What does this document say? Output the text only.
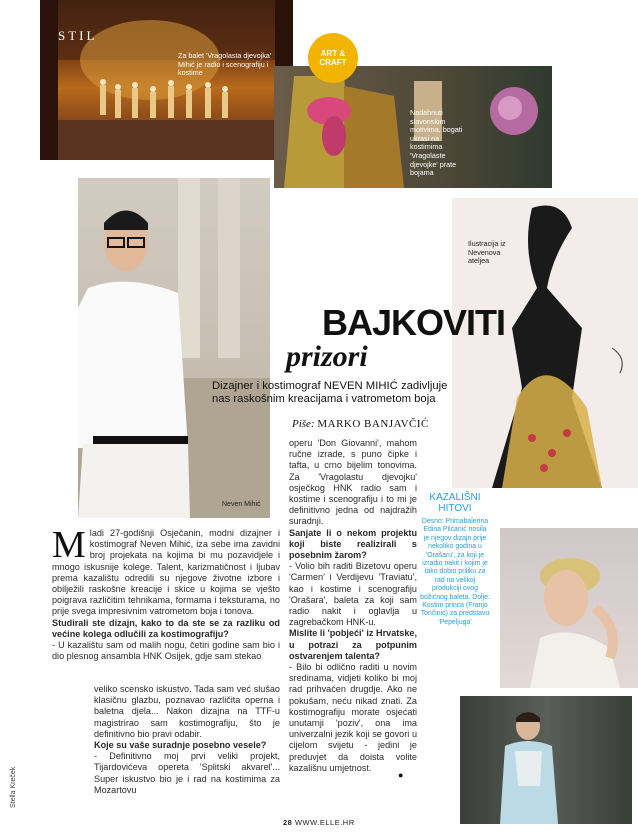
STIL
Za balet 'Vragolasta djevojka' Mihić je radio i scenografiju i kostime
ART & CRAFT
Nadahnuti slavonskim motivima, bogati ukrasi na kostimima 'Vragolaste djevojke' prate bojama
Ilustracija iz Nevenova ateljea
Neven Mihić
BAJKOVITI
prizori
Dizajner i kostimograf NEVEN MIHIĆ zadivljuje nas raskošnim kreacijama i vatrometom boja
Piše: MARKO BANJAVČIĆ

operu 'Don Giovanni', mahom ručne izrade, s puno čipke i tafta, u crno bijelim tonovima. Za 'Vragolastu djevojku' osječkog HNK radio sam i kostime i scenografiju i to mi je definitivno jedna od najdražih suradnji.

Sanjate li o nekom projektu koji biste realizirali s posebnim žarom?

- Volio bih raditi Bizetovu operu 'Carmen' i Verdijevu 'Traviatu', kao i kostime i scenografiju 'Orašara', baleta za koji sam radio nakit i oglavlja u zagrebačkom HNK-u.

Mislite li 'pobjeći' iz Hrvatske, u potrazi za potpunim ostvarenjem talenta?

- Bilo bi odlično raditi u novim sredinama, vidjeti koliko bi moj rad prihvaćen drugdje. Ako ne pokušam, neću nikad znati. Za kostimografiju morate osjećati unutarnji 'poziv', ona ima univerzalni jezik koji se govori u cijelom svijetu - jedini je preduvjet da doista volite kazališnu umjetnost.

●
M ladi 27-godišnji Osječanin, modni dizajner i kostimograf Neven Mihić, iza sebe ima zavidni broj projekata na kojima bi mu pozavidjele i mnogo iskusnije kolege. Talent, karizmatičnost i ljubav prema kazalištu odredili su njegove životne izbore i obilježili raskošne kreacije i skice u kojima se vješto poigrava različitim tehnikama, formama i teksturama, no prije svega impresivnim vatrometom boja i tonova.

Studirali ste dizajn, kako to da ste se za razliku od većine kolega odlučili za kostimografiju?

- U kazalištu sam od malih nogu, četiri godine sam bio i dio plesnog ansambla HNK Osijek, gdje sam stekao

veliko scensko iskustvo. Tada sam već slušao klasičnu glazbu, poznavao različita operna i baletna djela... Nakon dizajna na TTF-u magistrirao sam kostimografiju, što je definitivno bio pravi odabir.

Koje su vaše suradnje posebno vesele?

- Definitivno moj prvi veliki projekt, Tijardovićeva opereta 'Splitski akvarel'... Super iskustvo bio je i rad na kostimima za Mozartovu

KAZALIŠNI HITOVI
Desno: Primabalerina Edina Plićanić nosila je njegov dizajn prije nekoliko godina u 'Orašaru', za koji je izradio nakit i kojim je tako dobio priliku za rad na velikoj produkciji ovog božićnog baleta. Dolje: Kostim princa (Franjo Tončinić) za predstavu 'Pepeljuga'
Stella Kreček
28 WWW.ELLE.HR
